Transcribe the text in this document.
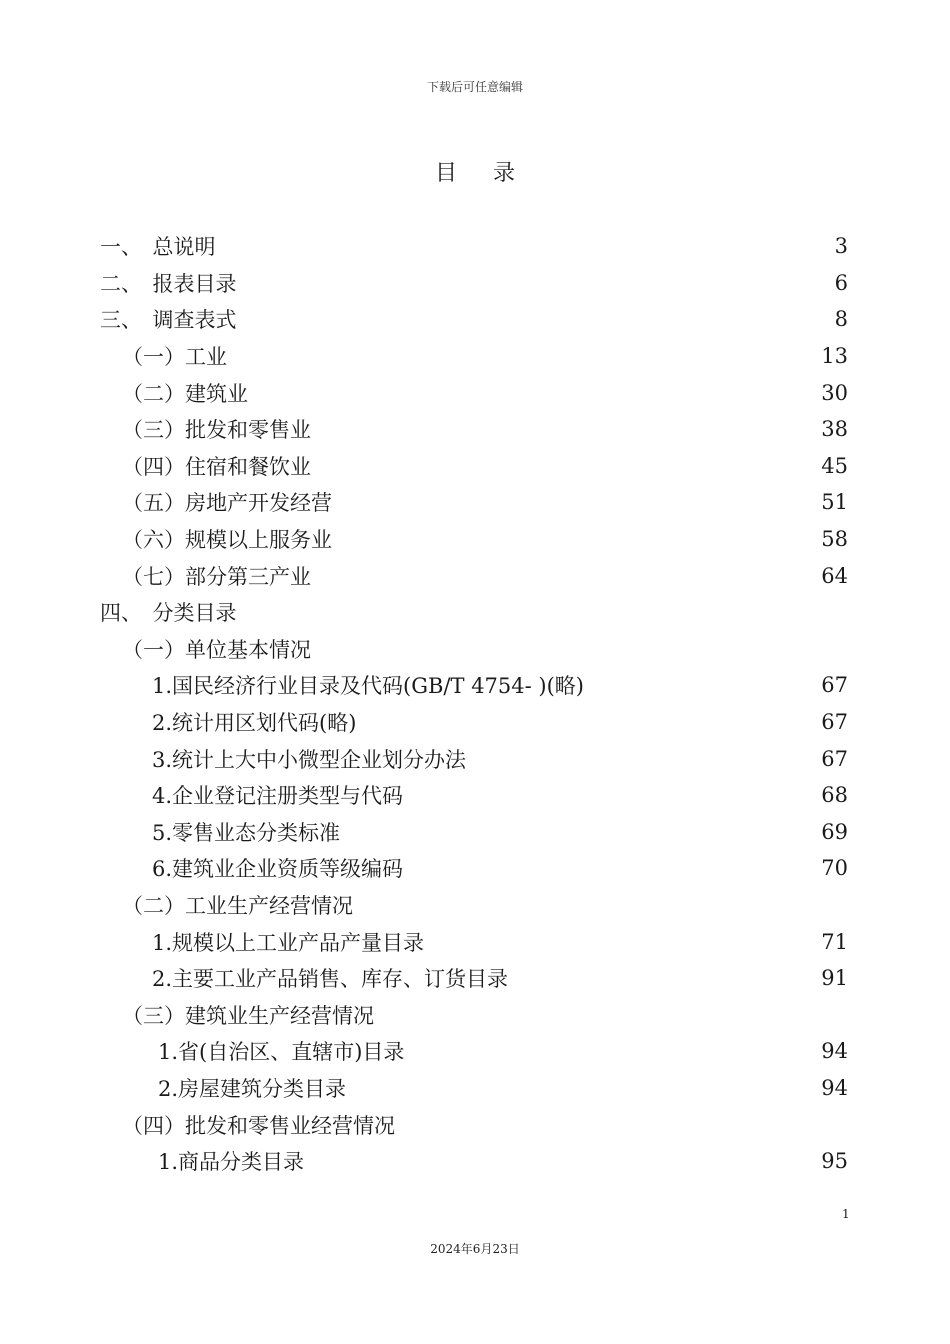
下载后可任意编辑
目录
一、　总说明	3
二、　报表目录	6
三、　调查表式	8
（一）工业	13
（二）建筑业	30
（三）批发和零售业	38
（四）住宿和餐饮业	45
（五）房地产开发经营	51
（六）规模以上服务业	58
（七）部分第三产业	64
四、　分类目录
（一）单位基本情况
1.国民经济行业目录及代码(GB/T 4754- )(略)	67
2.统计用区划代码(略)	67
3.统计上大中小微型企业划分办法	67
4.企业登记注册类型与代码	68
5.零售业态分类标准	69
6.建筑业企业资质等级编码	70
（二）工业生产经营情况
1.规模以上工业产品产量目录	71
2.主要工业产品销售、库存、订货目录	91
（三）建筑业生产经营情况
1.省(自治区、直辖市)目录	94
2.房屋建筑分类目录	94
（四）批发和零售业经营情况
1.商品分类目录	95
1
2024年6月23日
